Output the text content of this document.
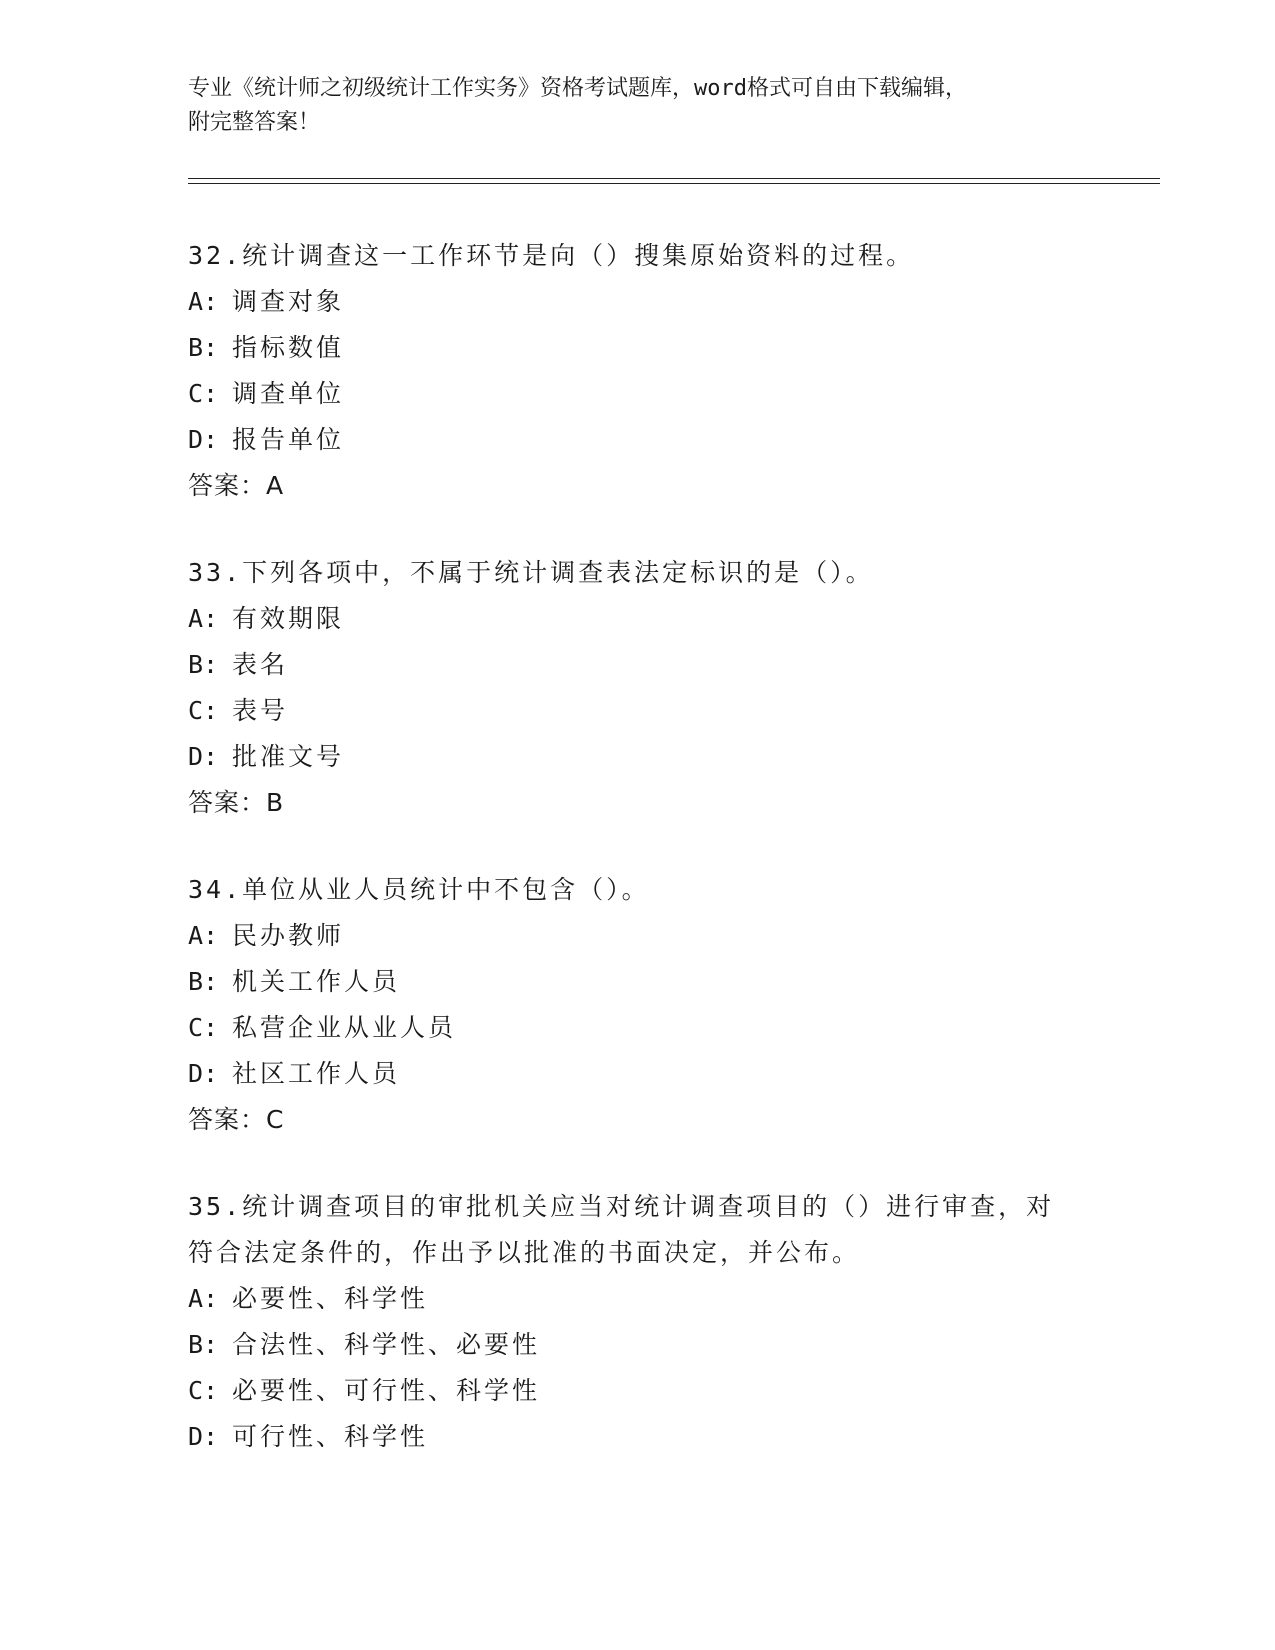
专业《统计师之初级统计工作实务》资格考试题库，word格式可自由下载编辑，
附完整答案！
32.统计调查这一工作环节是向（）搜集原始资料的过程。
A: 调查对象
B: 指标数值
C: 调查单位
D: 报告单位
答案：A
33.下列各项中，不属于统计调查表法定标识的是（）。
A: 有效期限
B: 表名
C: 表号
D: 批准文号
答案：B
34.单位从业人员统计中不包含（）。
A: 民办教师
B: 机关工作人员
C: 私营企业从业人员
D: 社区工作人员
答案：C
35.统计调查项目的审批机关应当对统计调查项目的（）进行审查，对
符合法定条件的，作出予以批准的书面决定，并公布。
A: 必要性、科学性
B: 合法性、科学性、必要性
C: 必要性、可行性、科学性
D: 可行性、科学性
